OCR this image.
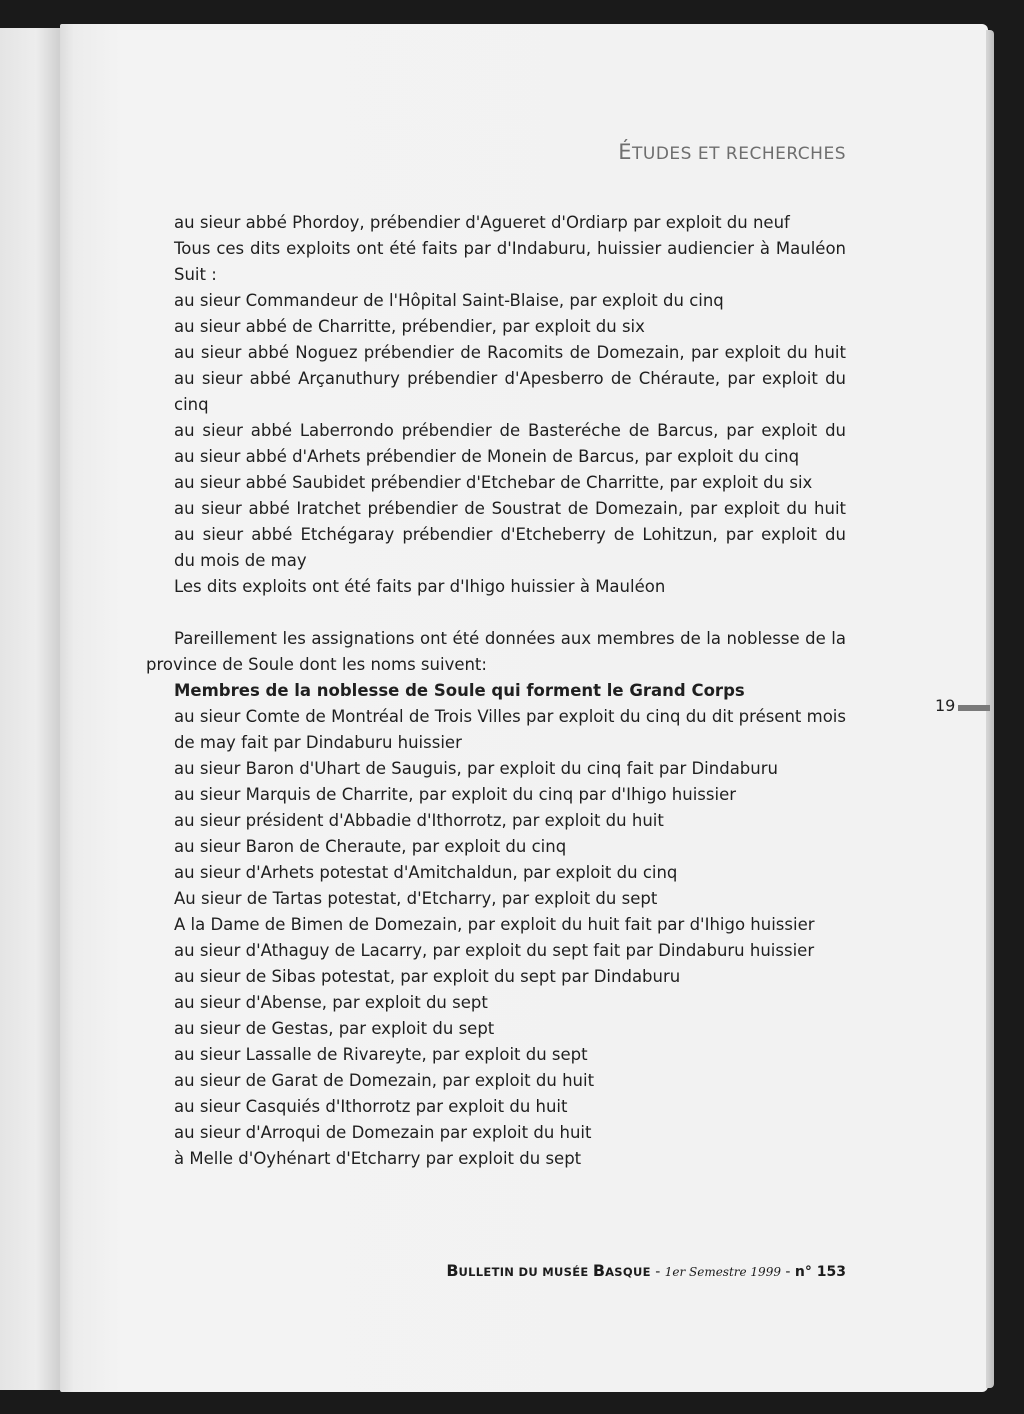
ÉTUDES ET RECHERCHES
au sieur abbé Phordoy, prébendier d'Agueret d'Ordiarp par exploit du neuf
Tous ces dits exploits ont été faits par d'Indaburu, huissier audiencier à Mauléon
Suit :
au sieur Commandeur de l'Hôpital Saint-Blaise, par exploit du cinq
au sieur abbé de Charritte, prébendier, par exploit du six
au sieur abbé Noguez prébendier de Racomits de Domezain, par exploit du huit
au sieur abbé Arçanuthury prébendier d'Apesberro de Chéraute, par exploit du
cinq
au sieur abbé Laberrondo prébendier de Basteréche de Barcus, par exploit du
au sieur abbé d'Arhets prébendier de Monein de Barcus, par exploit du cinq
au sieur abbé Saubidet prébendier d'Etchebar de Charritte, par exploit du six
au sieur abbé Iratchet prébendier de Soustrat de Domezain, par exploit du huit
au sieur abbé Etchégaray prébendier d'Etcheberry de Lohitzun, par exploit du
du mois de may
Les dits exploits ont été faits par d'Ihigo huissier à Mauléon
Pareillement les assignations ont été données aux membres de la noblesse de la
province de Soule dont les noms suivent:
Membres de la noblesse de Soule qui forment le Grand Corps
au sieur Comte de Montréal de Trois Villes par exploit du cinq du dit présent mois
de may fait par Dindaburu huissier
au sieur Baron d'Uhart de Sauguis, par exploit du cinq fait par Dindaburu
au sieur Marquis de Charrite, par exploit du cinq par d'Ihigo huissier
au sieur président d'Abbadie d'Ithorrotz, par exploit du huit
au sieur Baron de Cheraute, par exploit du cinq
au sieur d'Arhets potestat d'Amitchaldun, par exploit du cinq
Au sieur de Tartas potestat, d'Etcharry, par exploit du sept
A la Dame de Bimen de Domezain, par exploit du huit fait par d'Ihigo huissier
au sieur d'Athaguy de Lacarry, par exploit du sept fait par Dindaburu huissier
au sieur de Sibas potestat, par exploit du sept par Dindaburu
au sieur d'Abense, par exploit du sept
au sieur de Gestas, par exploit du sept
au sieur Lassalle de Rivareyte, par exploit du sept
au sieur de Garat de Domezain, par exploit du huit
au sieur Casquiés d'Ithorrotz par exploit du huit
au sieur d'Arroqui de Domezain par exploit du huit
à Melle d'Oyhénart d'Etcharry par exploit du sept
19
BULLETIN DU MUSÉE BASQUE - 1er Semestre 1999 - n° 153
